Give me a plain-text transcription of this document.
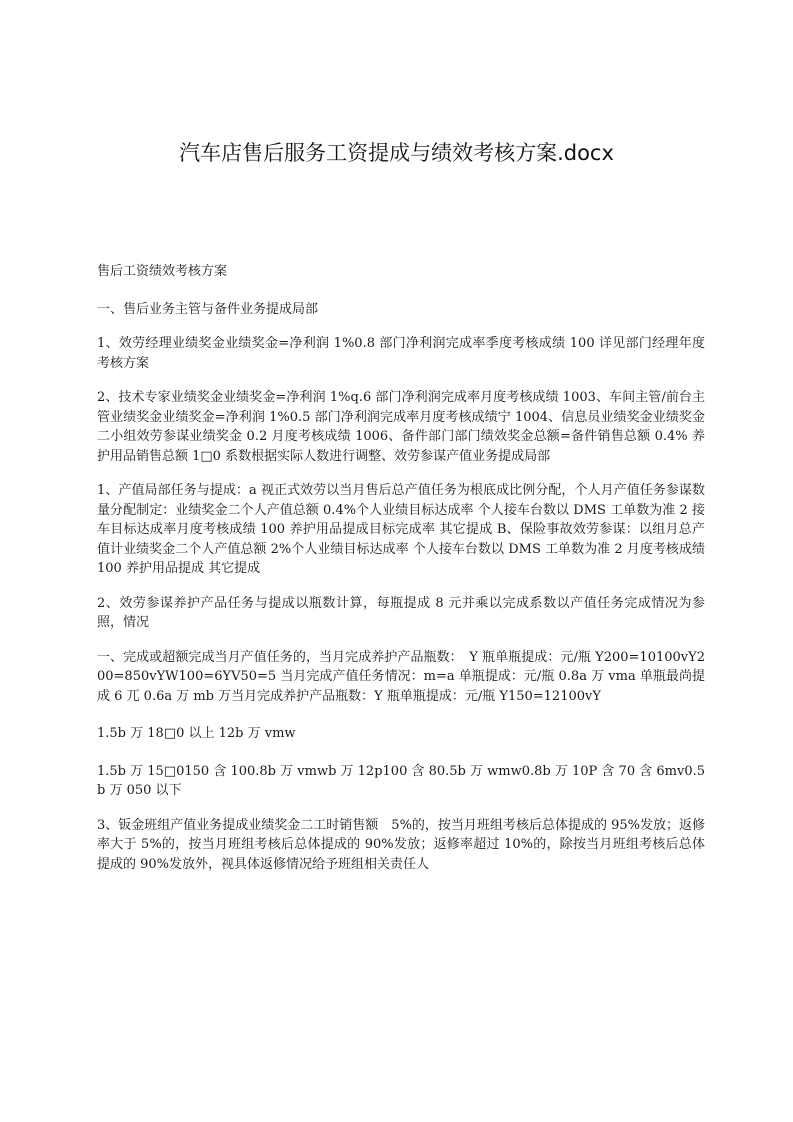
汽车店售后服务工资提成与绩效考核方案.docx

售后工资绩效考核方案

一、售后业务主管与备件业务提成局部

1、效劳经理业绩奖金业绩奖金=净利润 1%0.8 部门净利润完成率季度考核成绩 100 详见部门经理年度考核方案

2、技术专家业绩奖金业绩奖金=净利润 1%q.6 部门净利润完成率月度考核成绩 1003、车间主管/前台主管业绩奖金业绩奖金=净利润 1%0.5 部门净利润完成率月度考核成绩宁 1004、信息员业绩奖金业绩奖金二小组效劳参谋业绩奖金 0.2 月度考核成绩 1006、备件部门部门绩效奖金总额=备件销售总额 0.4% 养护用品销售总额 1□0 系数根据实际人数进行调整、效劳参谋产值业务提成局部

1、产值局部任务与提成：a 视正式效劳以当月售后总产值任务为根底成比例分配，个人月产值任务参谋数量分配制定：业绩奖金二个人产值总额 0.4%个人业绩目标达成率 个人接车台数以 DMS 工单数为准 2 接车目标达成率月度考核成绩 100 养护用品提成目标完成率 其它提成 B、保险事故效劳参谋：以组月总产值计业绩奖金二个人产值总额 2%个人业绩目标达成率 个人接车台数以 DMS 工单数为准 2 月度考核成绩 100 养护用品提成 其它提成

2、效劳参谋养护产品任务与提成以瓶数计算，每瓶提成 8 元并乘以完成系数以产值任务完成情况为参照，情况

一、完成或超额完成当月产值任务的，当月完成养护产品瓶数：　Y 瓶单瓶提成：元/瓶 Y200=10100vY200=850vYW100=6YV50=5 当月完成产值任务情况：m=a 单瓶提成：元/瓶 0.8a 万 vma 单瓶最尚提成 6 兀 0.6a 万 mb 万当月完成养护产品瓶数：Y 瓶单瓶提成：元/瓶 Y150=12100vY

1.5b 万 18□0 以上 12b 万 vmw

1.5b 万 15□0150 含 100.8b 万 vmwb 万 12p100 含 80.5b 万 wmw0.8b 万 10P 含 70 含 6mv0.5b 万 050 以下

3、钣金班组产值业务提成业绩奖金二工时销售额　5%的，按当月班组考核后总体提成的 95%发放；返修率大于 5%的，按当月班组考核后总体提成的 90%发放；返修率超过 10%的，除按当月班组考核后总体提成的 90%发放外，视具体返修情况给予班组相关责任人
